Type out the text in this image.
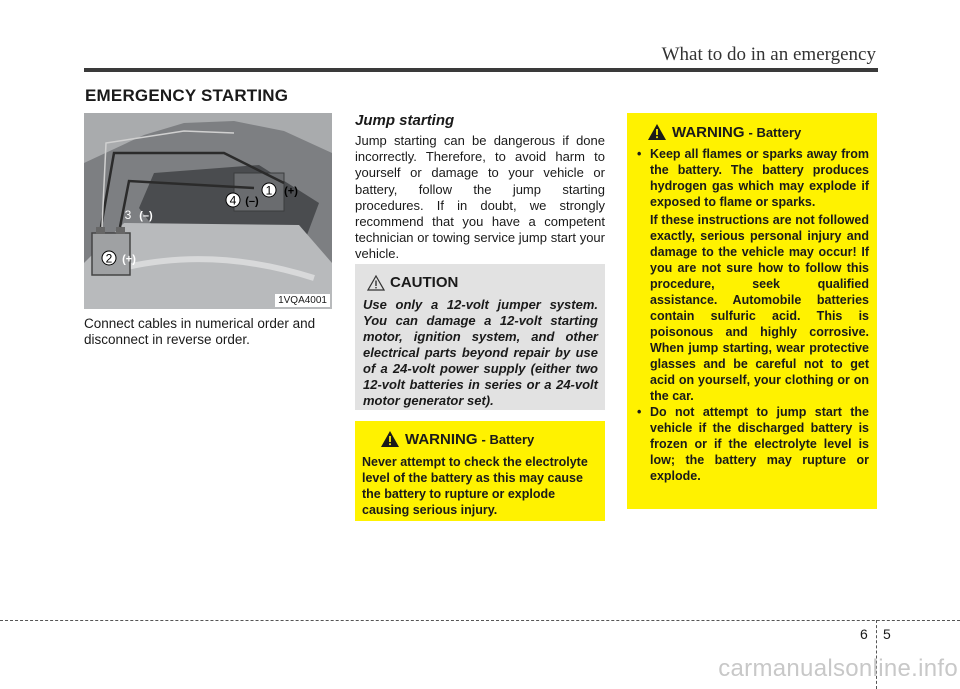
What to do in an emergency
EMERGENCY STARTING
1 (+)
4 (–)
3 (–)
2 (+)
1VQA4001
Connect cables in numerical order and disconnect in reverse order.
Jump starting
Jump starting can be dangerous if done incorrectly. Therefore, to avoid harm to yourself or damage to your vehicle or battery, follow the jump starting procedures. If in doubt, we strongly recommend that you have a competent technician or towing service jump start your vehicle.
CAUTION
Use only a 12-volt jumper system. You can damage a 12-volt starting motor, ignition system, and other electrical parts beyond repair by use of a 24-volt power supply (either two 12-volt batteries in series or a 24-volt motor generator set).
WARNING - Battery
Never attempt to check the electrolyte level of the battery as this may cause the battery to rupture or explode causing serious injury.
WARNING - Battery

• Keep all flames or sparks away from the battery. The battery produces hydrogen gas which may explode if exposed to flame or sparks.

If these instructions are not followed exactly, serious personal injury and damage to the vehicle may occur! If you are not sure how to follow this procedure, seek qualified assistance. Automobile batteries contain sulfuric acid. This is poisonous and highly corrosive. When jump starting, wear protective glasses and be careful not to get acid on yourself, your clothing or on the car.

• Do not attempt to jump start the vehicle if the discharged battery is frozen or if the electrolyte level is low; the battery may rupture or explode.

6 5
carmanualsonline.info
